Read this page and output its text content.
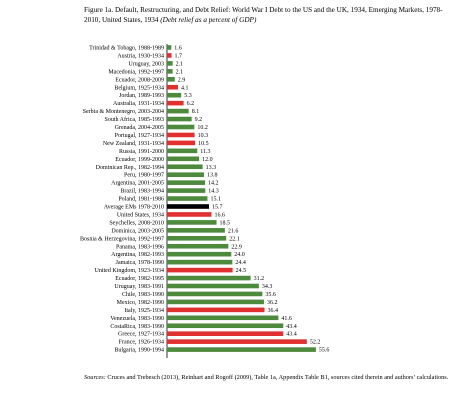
Figure 1a. Default, Restructuring, and Debt Relief: World War I Debt to the US and the UK, 1934, Emerging Markets, 1978-2010, United States, 1934 (Debt relief as a percent of GDP)
Trinidad & Tobago, 1988-1989 1.6
Austria, 1930-1934 1.7
Uruguay, 2003 2.1
Macedonia, 1992-1997 2.1
Ecuador, 2008-2009 2.9
Belgium, 1925-1934	4.1
Jordan, 1989-1993	5.3
Australia, 1931-1934	6.2
Serbia & Montenegro, 2003-2004	8.1
South Africa, 1985-1993	9.2
Grenada, 2004-2005	10.2
Portugal, 1927-1934	10.3
New Zealand, 1931-1934	10.5
Russia, 1991-2000	11.3
Ecuador, 1999-2000	12.0
Dominican Rep., 1982-1994	13.3
Peru, 1980-1997	13.8
Argentina, 2001-2005	14.2
Brazil, 1983-1994	14.3
Poland, 1981-1986	15.1
Average EMs 1978-2010	15.7
United States, 1934	16.6
Seychelles, 2008-2010	18.5
Dominica, 2003-2005	21.6
Bosnia & Herzegovina, 1992-1997	22.1
Panama, 1983-1996	22.9
Argentina, 1982-1993	24.0
Jamaica, 1978-1990	24.4
United Kingdom, 1923-1934	24.5
Ecuador, 1982-1995	31.2
Uruguay, 1983-1991	34.3
Chile, 1983-1990	35.6
Mexico, 1982-1990	36.2
Italy, 1925-1934	36.4
Venezuela, 1983-1990	41.6
CostaRica, 1983-1990	43.4
Greece, 1927-1934	43.4
France, 1926-1934	52.2
Bulgaria, 1990-1994	55.6
Sources: Cruces and Trebesch (2013), Reinhart and Rogoff (2009), Table 1a, Appendix Table B1, sources cited therein and authors’ calculations.
